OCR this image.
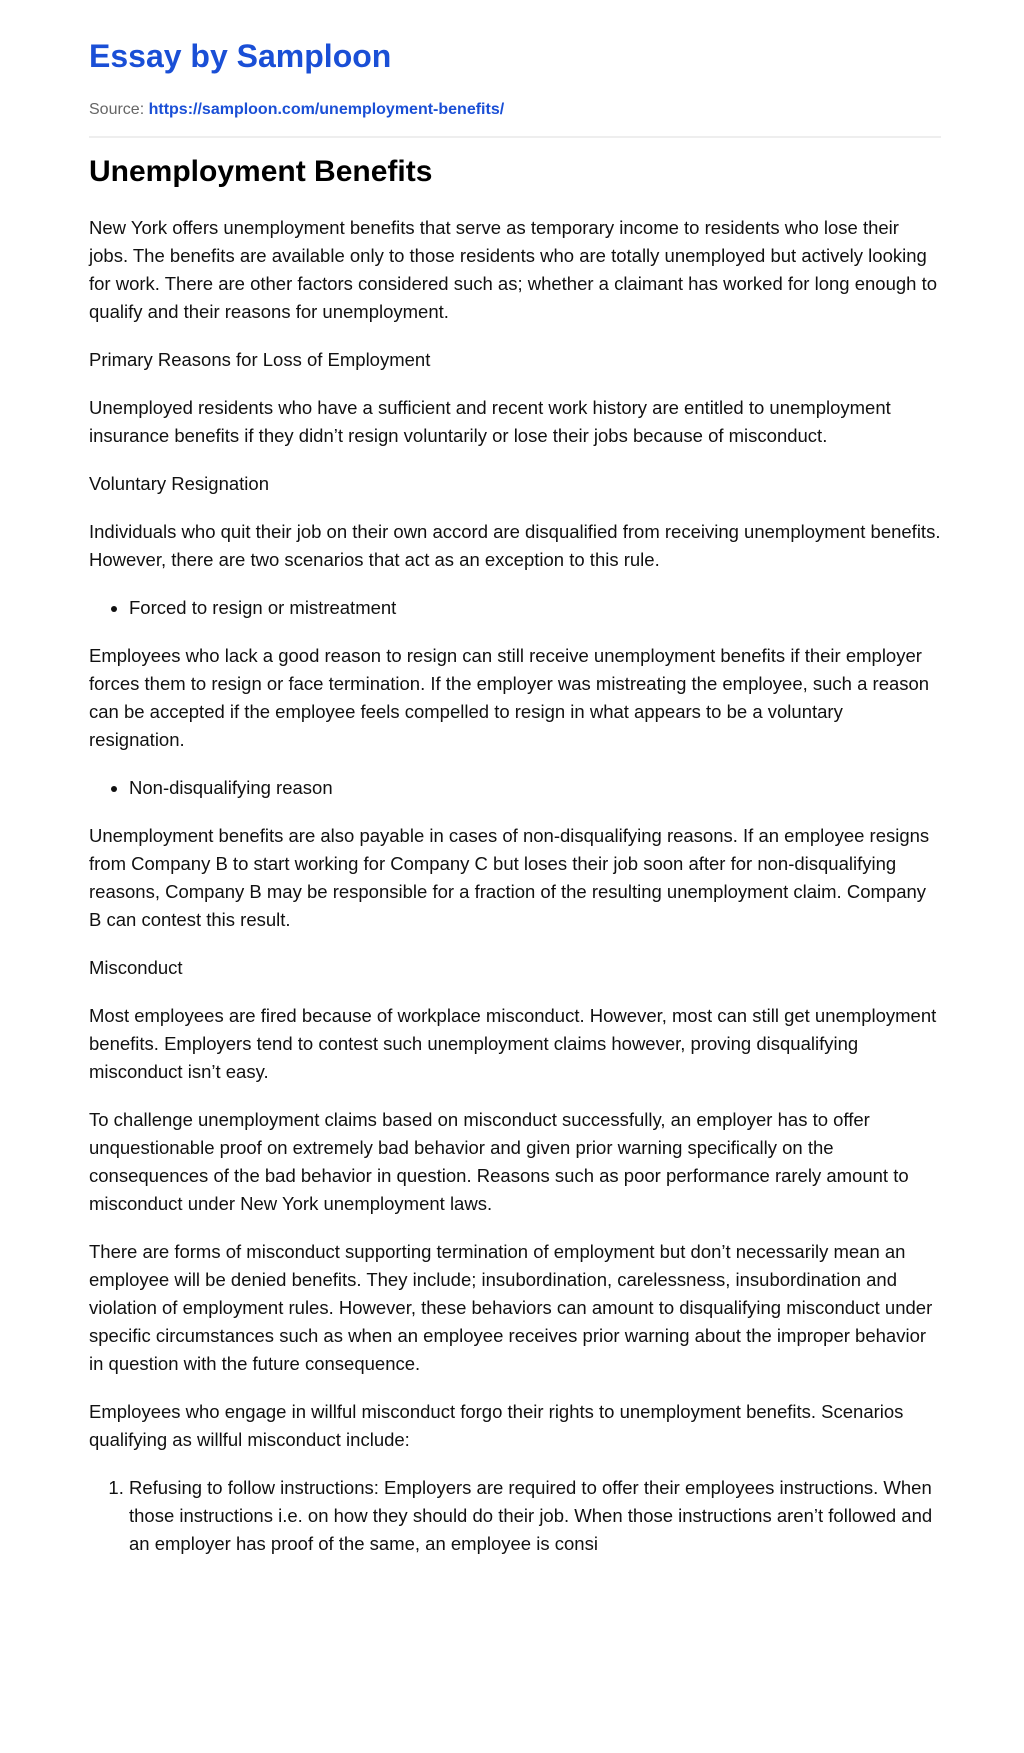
Essay by Samploon
Source: https://samploon.com/unemployment-benefits/
Unemployment Benefits

New York offers unemployment benefits that serve as temporary income to residents who lose their jobs. The benefits are available only to those residents who are totally unemployed but actively looking for work. There are other factors considered such as; whether a claimant has worked for long enough to qualify and their reasons for unemployment.

Primary Reasons for Loss of Employment

Unemployed residents who have a sufficient and recent work history are entitled to unemployment insurance benefits if they didn’t resign voluntarily or lose their jobs because of misconduct.

Voluntary Resignation

Individuals who quit their job on their own accord are disqualified from receiving unemployment benefits. However, there are two scenarios that act as an exception to this rule.

• Forced to resign or mistreatment

Employees who lack a good reason to resign can still receive unemployment benefits if their employer forces them to resign or face termination. If the employer was mistreating the employee, such a reason can be accepted if the employee feels compelled to resign in what appears to be a voluntary resignation.

• Non-disqualifying reason

Unemployment benefits are also payable in cases of non-disqualifying reasons. If an employee resigns from Company B to start working for Company C but loses their job soon after for non-disqualifying reasons, Company B may be responsible for a fraction of the resulting unemployment claim. Company B can contest this result.

Misconduct

Most employees are fired because of workplace misconduct. However, most can still get unemployment benefits. Employers tend to contest such unemployment claims however, proving disqualifying misconduct isn’t easy.

To challenge unemployment claims based on misconduct successfully, an employer has to offer unquestionable proof on extremely bad behavior and given prior warning specifically on the consequences of the bad behavior in question. Reasons such as poor performance rarely amount to misconduct under New York unemployment laws.

There are forms of misconduct supporting termination of employment but don’t necessarily mean an employee will be denied benefits. They include; insubordination, carelessness, insubordination and violation of employment rules. However, these behaviors can amount to disqualifying misconduct under specific circumstances such as when an employee receives prior warning about the improper behavior in question with the future consequence.

Employees who engage in willful misconduct forgo their rights to unemployment benefits. Scenarios qualifying as willful misconduct include:

1. Refusing to follow instructions: Employers are required to offer their employees instructions. When those instructions i.e. on how they should do their job. When those instructions aren’t followed and an employer has proof of the same, an employee is consi
